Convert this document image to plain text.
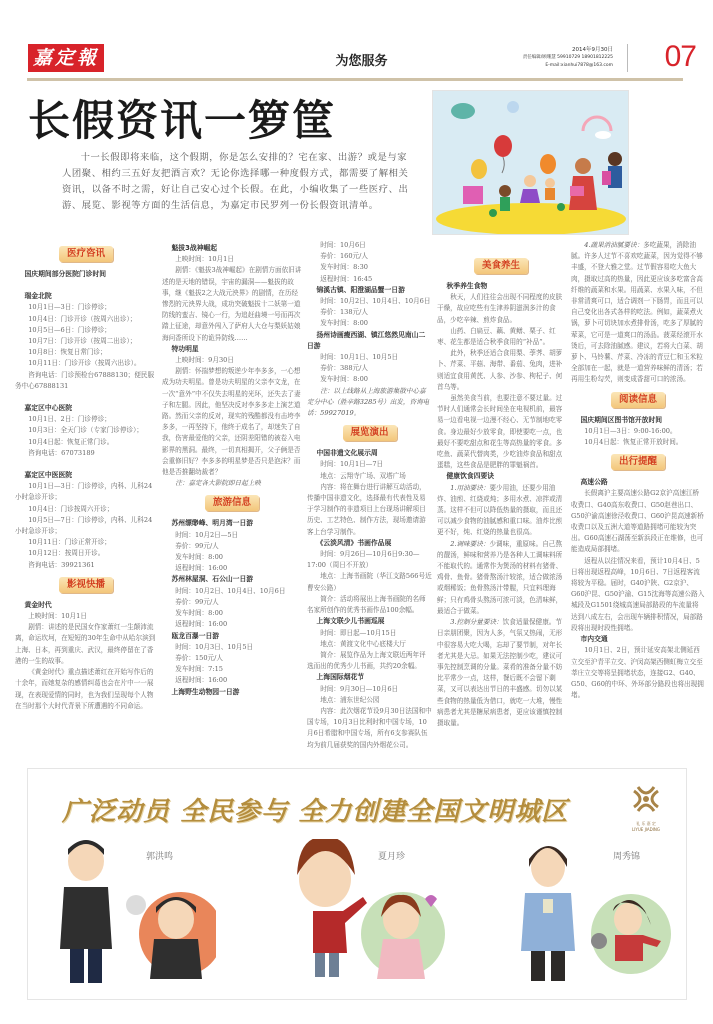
嘉定報	为您服务
2014年9月30日
责任编辑/顾珊慧 59910729 18901812225
E-mail:xianhui7878@163.com 07
长假资讯一箩筐

十一长假即将来临，这个假期，你是怎么安排的？宅在家、出游？或是与家人团聚、相约三五好友把酒言欢？无论你选择哪一种度假方式，都需要了解相关资讯，以备不时之需，好让自己安心过个长假。在此，小编收集了一些医疗、出游、展览、影视等方面的生活信息，为嘉定市民罗列一份长假资讯清单。

医疗咨讯

国庆期间部分医院门诊时间

瑞金北院

10月1日—3日：门诊停诊；

10月4日：门诊开诊（按周六出诊）；

10月5日—6日：门诊停诊；

10月7日：门诊开诊（按周二出诊）；

10月8日：恢复日常门诊；

10月11日：门诊开诊（按周六出诊）。

咨询电话：门诊预检台67888130；便民服务中心67888131

嘉定区中心医院

10月1日、2日：门诊停诊；

10月3日：全天门诊（专家门诊停诊）；

10月4日起：恢复正常门诊。

咨询电话：67073189

嘉定区中医医院

10月1日—3日：门诊停诊，内科、儿科24小时急诊开诊；

10月4日：门诊按周六开诊；

10月5日—7日：门诊停诊，内科、儿科24小时急诊开诊；

10月11日：门诊正常开诊；

10月12日：按周日开诊。

咨询电话：39921361

影视快播

黄金时代

上映时间：10月1日

剧情：讲述的是民国女作家萧红一生颠沛流离，命运坎坷，在短短的30年生命中从哈尔滨到上海、日本，再到重庆、武汉，最终停留在了香港的一生的故事。

《黄金时代》重点描述萧红在开始写作后的十余年，而她复杂的感情纠葛也会在片中一一展现，在表现爱情的同时，也为我们呈现每个人物在当时那个大时代背景下所遭遇的不同命运。

魁拔3战神崛起

上映时间：10月1日

剧情：《魁拔3战神崛起》在剧情方面依旧讲述的是天地的错误，宇宙的漏洞——魁拔的故事，继《魁拔2之大战元泱界》的剧情，在历经惨烈的元泱界大战，成功突破魁拔十二妖第一道防线的蛮吉、镜心一行，为追赶曲境一号而再次踏上征途，却意外闯入了萨府人大仓与梨妖姑娘海问香所设下的诡异防线……

特功明星

上映时间：9月30日

剧情：怀揣梦想的叛逆少年李多多，一心想成为功夫明星。曾是功夫明星的父亲李文龙，在一次“意外”中不仅失去明星的光环，还失去了妻子和左腿。因此，他坚决反对李多多走上演艺道路。然而父亲的反对，现实的残酷都没有击垮李多多，一再坚持下，他终于成名了，却迷失了自我，伤害最爱他的父亲，还阴差阳错的被卷入电影界的黑洞。最终，一切真相揭开，父子俩是否会重修旧好？李多多的明星梦是否只是泡沫？而他是否推翻幼裁者？

注：嘉定各大影院即日起上映

旅游信息

苏州缥缈峰、明月湾一日游

时间：10月2日—5日

券价：99元/人

发车时间：8:00

返程时间：16:00

苏州林屋洞、石公山一日游

时间：10月2日、10月4日、10月6日

券价：99元/人

发车时间：8:00

返程时间：16:00

瓯龙百瀑一日游

时间：10月3日、10月5日

券价：150元/人

发车时间：7:15

返程时间：16:00

上海野生动物园一日游

时间：10月6日

券价：160元/人

发车时间：8:30

返程时间：16:45

锦溪古镇、阳澄湖品蟹一日游

时间：10月2日、10月4日、10月6日

券价：138元/人

发车时间：8:00

扬州诗画瘦西湖、镇江悠然见南山二日游

时间：10月1日、10月5日

券价：388元/人

发车时间：8:00

注：以上线路从上海旅游集散中心嘉定分中心（胜辛路3285号）出发，咨询电话：59927019。

展览演出

中国非遗文化展示周

时间：10月1日—7日

地点：云翔寺广场、双塔广场

内容：将在舞台进行讲解互动活动，传播中国非遗文化，选择最有代表性及易于学习制作的非遗项目上台现场讲解项目历史、工艺特色、制作方法，现场邀请游客上台学习制作。

《云淡风清》书画作品展

时间：9月26日—10月6日9:30—17:00（周日不开放）

地点：上海书画院（华江支路566号近曹安公路）

简介：活动将展出上海书画院的名师名家所创作的优秀书画作品100余幅。

上海文联少儿书画巡展

时间：即日起—10月15日

地点：黄渡文化中心底楼大厅

简介：展览作品为上海文联近两年评选而出的优秀少儿书画，共约20余幅。

上海国际烟花节

时间：9月30日—10月6日

地点：浦东世纪公园

内容：此次烟花节设9月30日法国和中国专场，10月3日比利时和中国专场，10月6日希腊和中国专场，所有6支参赛队伍均为前几届获奖的国内外烟花公司。

美食养生

秋季养生食物

秋天，人们往往会出现不同程度的皮肤干燥，故应吃些有生津养阴滋润多汁的食品，少吃辛辣、煎炸食品。

山药、白扁豆、藕、黄鳝、栗子、红枣、花生都是适合秋季食用的“补品”。

此外，秋季还适合食用梨、荸荠、胡萝卜、芹菜、平菇、海带、番茄、兔肉，进补则适宜食用黄芪、人参、沙参、枸杞子、何首乌等。

虽然美食当前，也要注意不要过量。过节时人们通常会长时间坐在电视机前，最容易一边看电视一边漫不经心、无节制地吃零食。身边最好少放零食，即使要吃一点，也最好不要吃甜点和花生等高热量的零食。多吃鱼、蔬菜代替肉类，少吃油炸食品和甜点蛋糕，这些食品是肥胖的罪魁祸首。

健康饮食四要诀

1.用油要诀：要少用油，还要少用油炸、油煎、红烧或炖；多用水煮、凉拌或清蒸。这样不但可以降低热量的摄取，而且还可以减少食物的油腻感和重口味。油炸比煎更不好，炖、红烧的热量也很高。

2.调味要诀：少调味，重原味。自己熬的靓汤，鲜味和营养乃是各种人工调味料所不能取代的。通常作为煲汤的材料有猪骨、鸡骨、鱼骨。猪骨熬汤汁较浓，适合做浓汤或烟稀饭；鱼骨熬汤汁带腥，只宜料理海鲜；只有鸡骨头熬汤可浓可淡，色清味鲜，最适合于做菜。

3.控制分量要诀：饮食适量保健康。节日亲朋团聚，因为人多，气氛又热闹，无形中很容易大吃大喝，忘却了要节制，对年长者尤其是大忌。如果无法控制少吃，建议可事先控制烹调的分量。菜肴的准备分量不妨比平常少一点，这样，餐后既不会留下剩菜，又可以表达出节日的丰盛感。切勿以某些食物的热量低为借口，就吃一大堆，慢性病患者尤其是糖尿病患者，更应该谨慎控制摄取量。

4.蔬果消油腻要诀：多吃蔬果，消除油腻。许多人过节不喜欢吃蔬菜，因为觉得不够丰盛，不登大雅之堂。过节假容易吃大鱼大肉，摄取过高的热量，因此更应该多吃富含高纤维的蔬菜和水果。用蔬菜、水果入味，不但非常清爽可口，适合调剂一下肠胃，而且可以自己变化出各式各样的吃法。例如，蔬菜煮火锅，萝卜可切块加水煮排骨汤，吃多了厚腻的荤菜，它可是一道爽口的汤品。菠菜经滚开水烫后，可去除油腻感。建议，若将大白菜、胡萝卜、马铃薯、芹菜、冷冻的青豆仁和玉米粒全部加在一起，就是一道营养味鲜的清汤；若再用生粉勾芡，则变成香甜可口的浓汤。

阅读信息

国庆期间区图书馆开放时间

10月1日—3日：9:00-16:00。

10月4日起：恢复正常开放时间。

出行提醒

高速公路

长假离沪主要高速公路G2京沪高速江桥收费口、G40高东收费口、G50赵巷出口、G50沪渝高速徐泾收费口、G60沪昆高速新桥收费口以及五洲大道等道路拥堵可能较为突出。G60高速石湖荡至新浜段正在维修，也可能造成局部拥堵。

返程从以往情况来看，预计10月4日、5日将出现返程高峰，10月6日、7日返程客流将较为平稳。届时，G40沪陕、G2京沪、G60沪昆、G50沪渝、G15沈海等高速公路入城段及G1501绕城高速局部路段的车流量将达到八成左右，会出现车辆排积情况，局部路段将出现时段性拥堵。

市内交通

10月1日、2日，预计延安高架北侧延西立交至沪青平立交、沪闵高架西侧虹梅立交至莘庄立交等将呈拥堵状态，连接G2、G40、G50、G60的中环、外环部分路段也将出现拥堵。

广泛动员 全民参与 全力创建全国文明城区	礼 乐 嘉 定
LIYUE JIADING
郭洪鸣	夏月珍	周秀锦
